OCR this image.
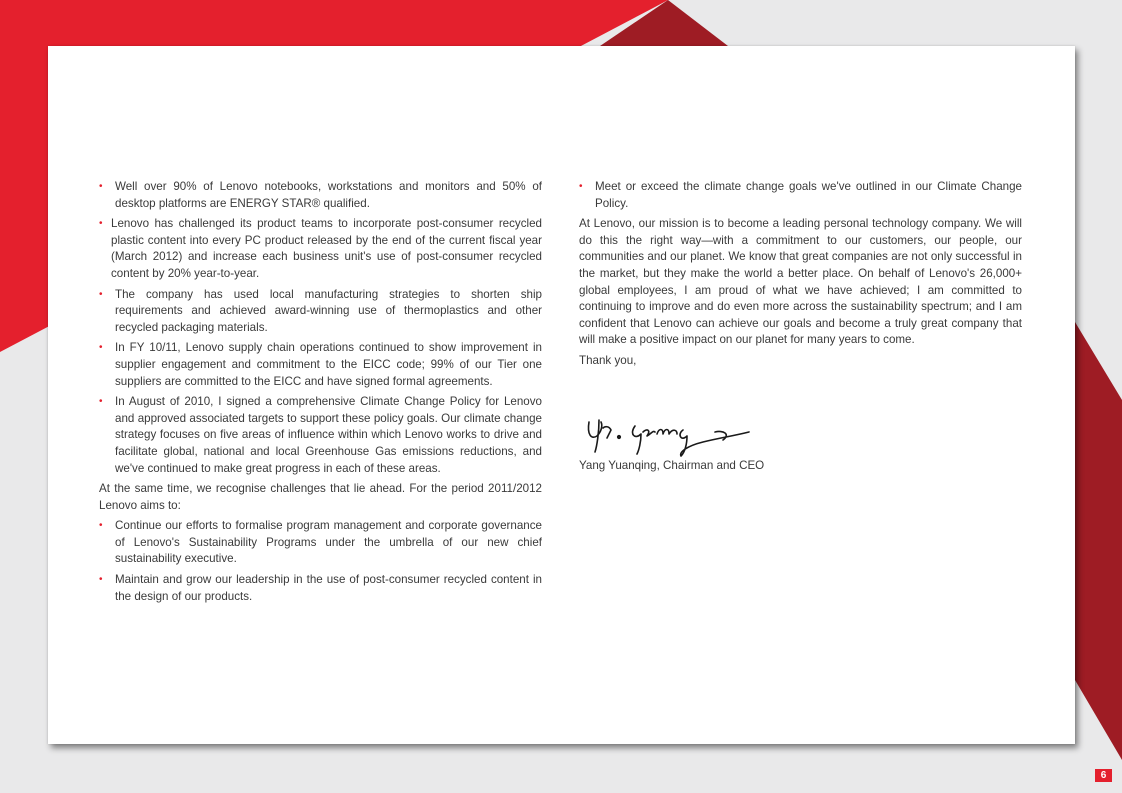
• Well over 90% of Lenovo notebooks, workstations and monitors and 50% of desktop platforms are ENERGY STAR® qualified.
• Lenovo has challenged its product teams to incorporate post-consumer recycled plastic content into every PC product released by the end of the current fiscal year (March 2012) and increase each business unit's use of post-consumer recycled content by 20% year-to-year.
• The company has used local manufacturing strategies to shorten ship requirements and achieved award-winning use of thermoplastics and other recycled packaging materials.
• In FY 10/11, Lenovo supply chain operations continued to show improvement in supplier engagement and commitment to the EICC code; 99% of our Tier one suppliers are committed to the EICC and have signed formal agreements.
• In August of 2010, I signed a comprehensive Climate Change Policy for Lenovo and approved associated targets to support these policy goals. Our climate change strategy focuses on five areas of influence within which Lenovo works to drive and facilitate global, national and local Greenhouse Gas emissions reductions, and we've continued to make great progress in each of these areas.

At the same time, we recognise challenges that lie ahead. For the period 2011/2012 Lenovo aims to:

• Continue our efforts to formalise program management and corporate governance of Lenovo's Sustainability Programs under the umbrella of our new chief sustainability executive.
• Maintain and grow our leadership in the use of post-consumer recycled content in the design of our products.
• Meet or exceed the climate change goals we've outlined in our Climate Change Policy.

At Lenovo, our mission is to become a leading personal technology company. We will do this the right way—with a commitment to our customers, our people, our communities and our planet. We know that great companies are not only successful in the market, but they make the world a better place. On behalf of Lenovo's 26,000+ global employees, I am proud of what we have achieved; I am committed to continuing to improve and do even more across the sustainability spectrum; and I am confident that Lenovo can achieve our goals and become a truly great company that will make a positive impact on our planet for many years to come.

Thank you,

Yang Yuanqing, Chairman and CEO

6
